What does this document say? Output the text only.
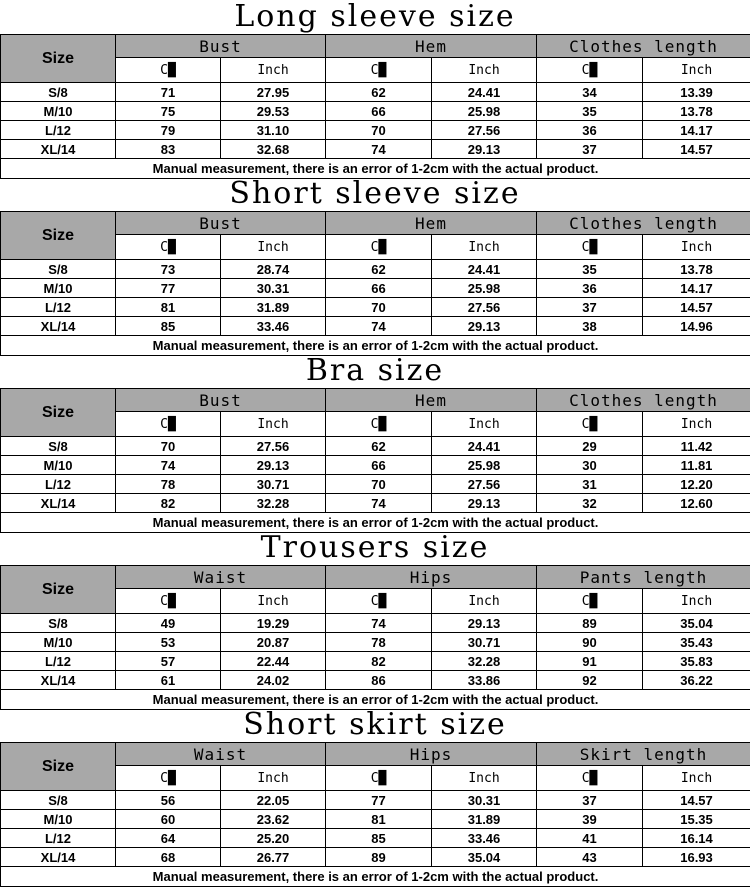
Long sleeve size
Size	Bust		Hem		Clothes length	
	C█	Inch	C█	Inch	C█	Inch
S/8	71	27.95	62	24.41	34	13.39
M/10	75	29.53	66	25.98	35	13.78
L/12	79	31.10	70	27.56	36	14.17
XL/14	83	32.68	74	29.13	37	14.57
Manual measurement, there is an error of 1-2cm with the actual product.						
Short sleeve size
Size	Bust		Hem		Clothes length	
	C█	Inch	C█	Inch	C█	Inch
S/8	73	28.74	62	24.41	35	13.78
M/10	77	30.31	66	25.98	36	14.17
L/12	81	31.89	70	27.56	37	14.57
XL/14	85	33.46	74	29.13	38	14.96
Manual measurement, there is an error of 1-2cm with the actual product.						
Bra size
Size	Bust		Hem		Clothes length	
	C█	Inch	C█	Inch	C█	Inch
S/8	70	27.56	62	24.41	29	11.42
M/10	74	29.13	66	25.98	30	11.81
L/12	78	30.71	70	27.56	31	12.20
XL/14	82	32.28	74	29.13	32	12.60
Manual measurement, there is an error of 1-2cm with the actual product.						
Trousers size
Size	Waist		Hips		Pants length	
	C█	Inch	C█	Inch	C█	Inch
S/8	49	19.29	74	29.13	89	35.04
M/10	53	20.87	78	30.71	90	35.43
L/12	57	22.44	82	32.28	91	35.83
XL/14	61	24.02	86	33.86	92	36.22
Manual measurement, there is an error of 1-2cm with the actual product.						
Short skirt size
Size	Waist		Hips		Skirt length	
	C█	Inch	C█	Inch	C█	Inch
S/8	56	22.05	77	30.31	37	14.57
M/10	60	23.62	81	31.89	39	15.35
L/12	64	25.20	85	33.46	41	16.14
XL/14	68	26.77	89	35.04	43	16.93
Manual measurement, there is an error of 1-2cm with the actual product.						
